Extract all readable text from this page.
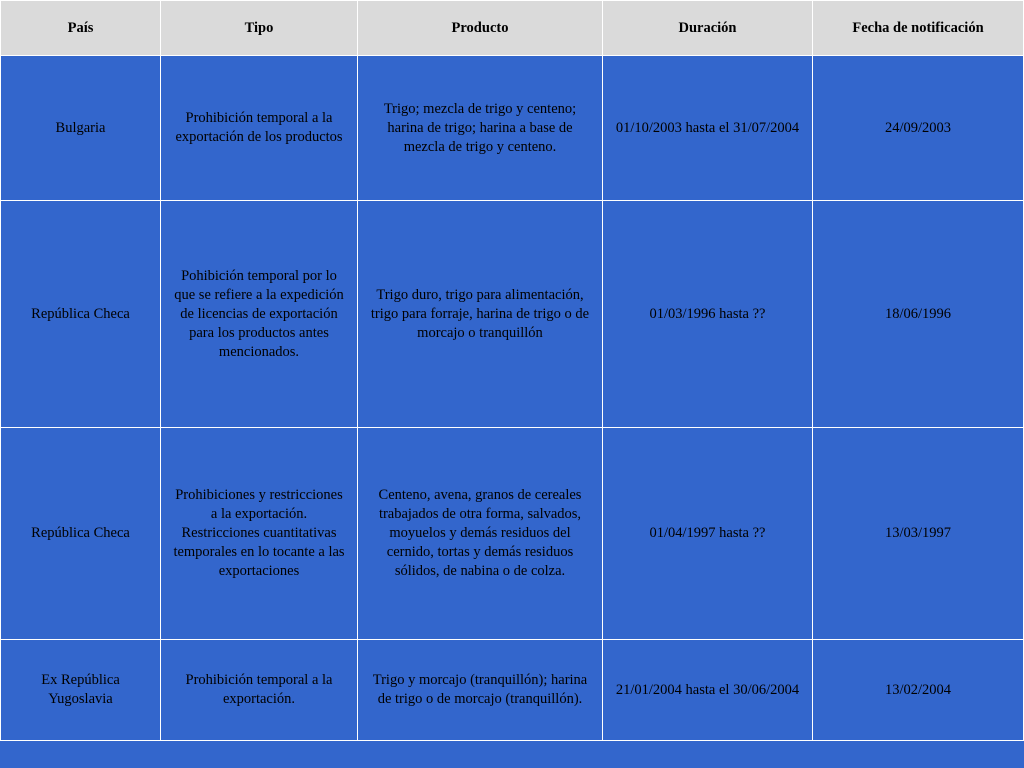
País	Tipo	Producto	Duración	Fecha de notificación
Bulgaria	Prohibición temporal a la exportación de los productos	Trigo; mezcla de trigo y centeno; harina de trigo; harina a base de mezcla de trigo y centeno.	01/10/2003 hasta el 31/07/2004	24/09/2003
República Checa	Pohibición temporal por lo que se refiere a la expedición de licencias de exportación para los productos antes mencionados.	Trigo duro, trigo para alimentación, trigo para forraje, harina de trigo o de morcajo o tranquillón	01/03/1996 hasta ??	18/06/1996
República Checa	Prohibiciones y restricciones a la exportación. Restricciones cuantitativas temporales en lo tocante a las exportaciones	Centeno, avena, granos de cereales trabajados de otra forma, salvados, moyuelos y demás residuos del cernido, tortas y demás residuos sólidos, de nabina o de colza.	01/04/1997 hasta ??	13/03/1997
Ex República Yugoslavia	Prohibición temporal a la exportación.	Trigo y morcajo (tranquillón); harina de trigo o de morcajo (tranquillón).	21/01/2004 hasta el 30/06/2004	13/02/2004
